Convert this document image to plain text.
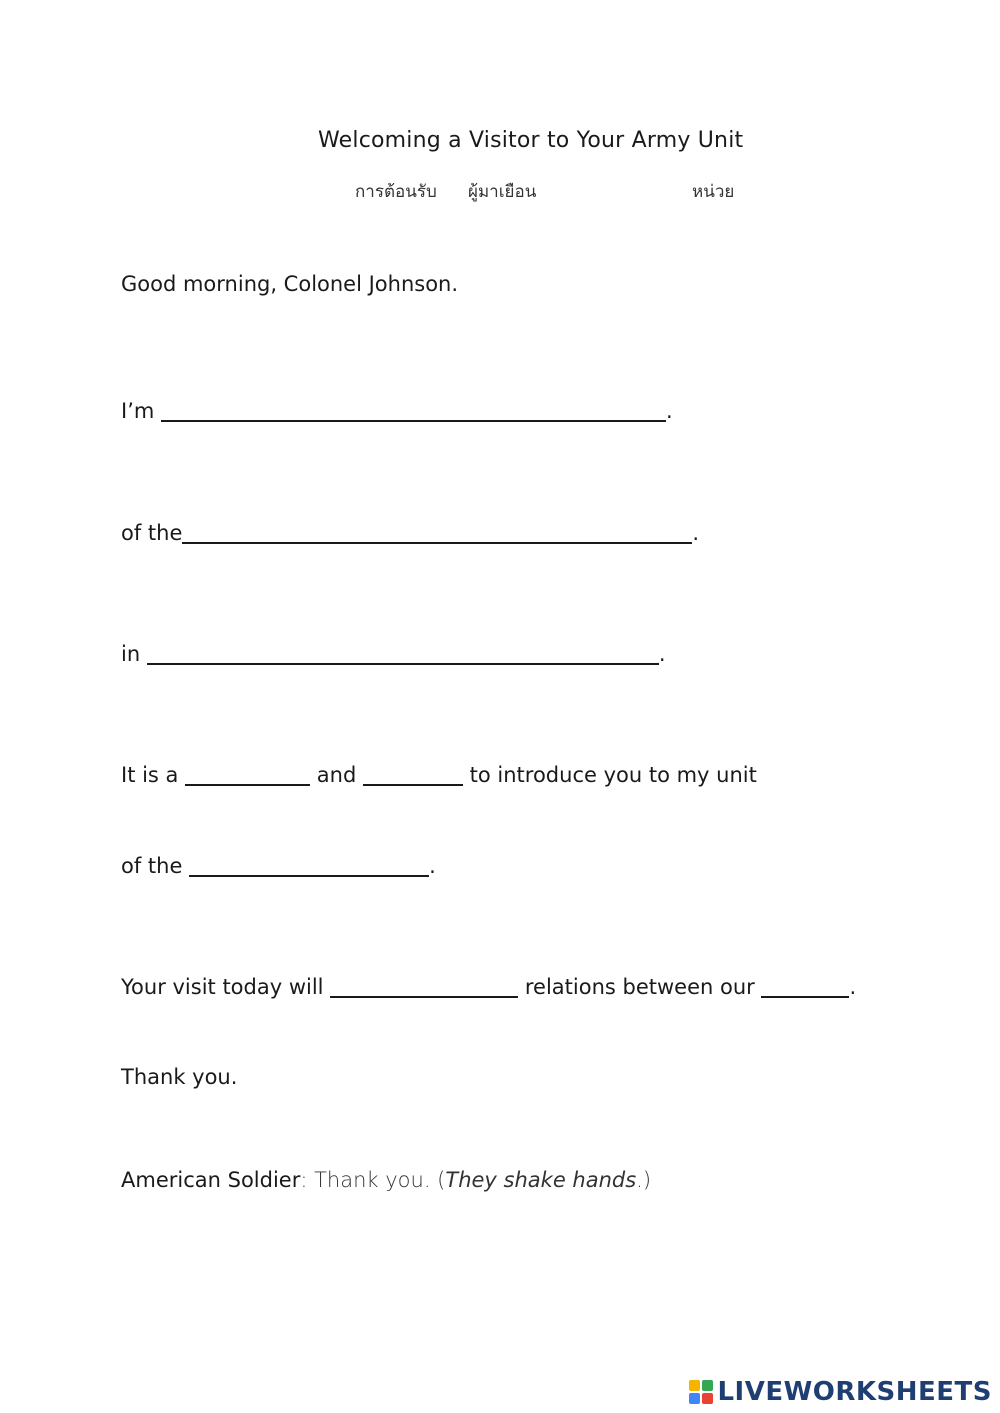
Welcoming a Visitor to Your Army Unit
การต้อนรับ ผู้มาเยือน	หน่วย
Good morning, Colonel Johnson.
I’m	.
of the	.
in	.
It is a	and	to introduce you to my unit
of the	.
Your visit today will	relations between our	.
Thank you.
American Soldier: Thank you. (They shake hands.)
LIVEWORKSHEETS
